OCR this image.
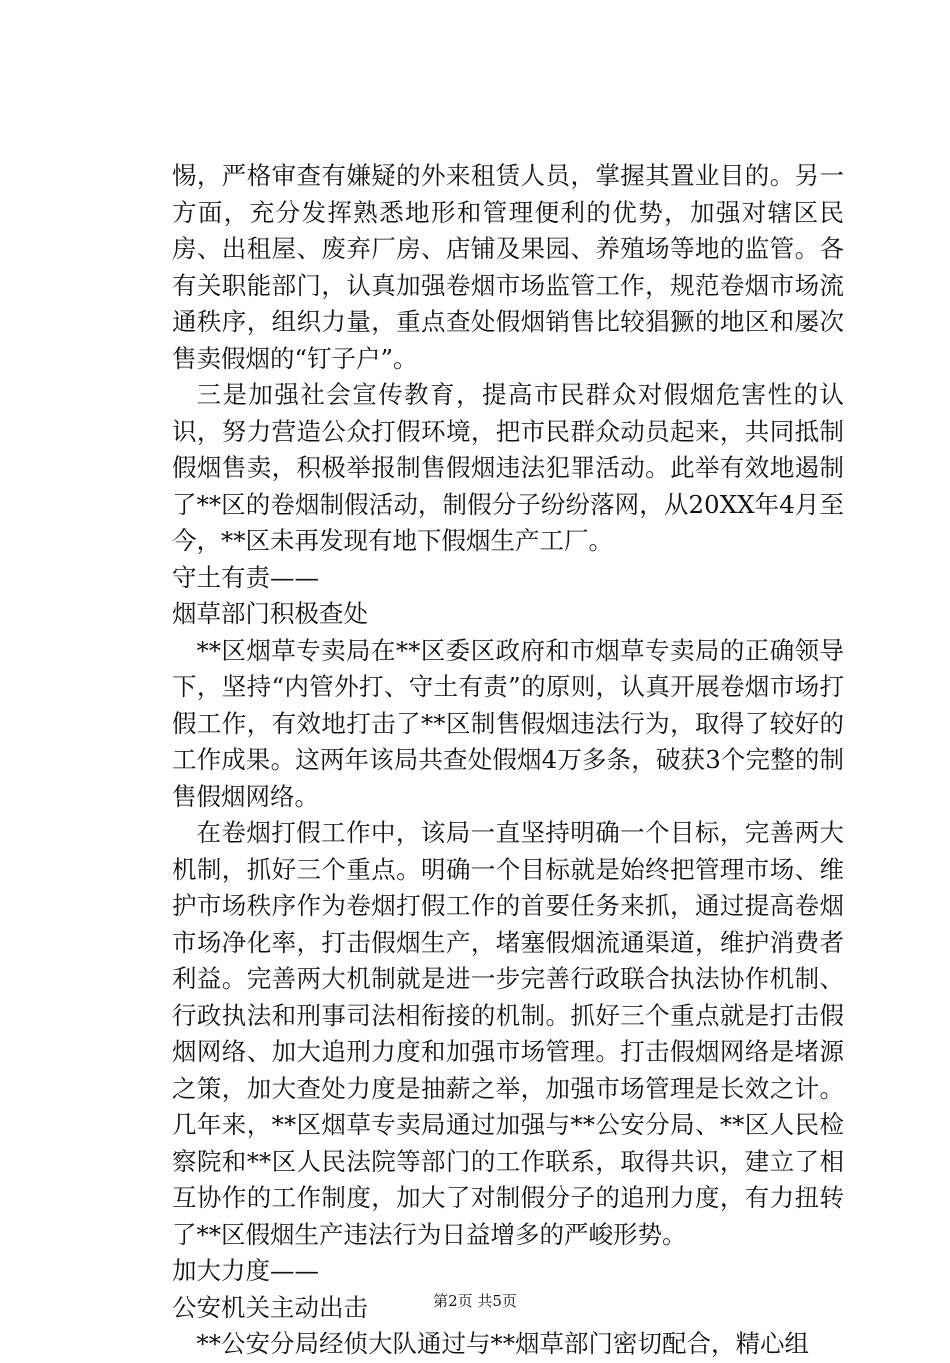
惕，严格审查有嫌疑的外来租赁人员，掌握其置业目的。另一方面，充分发挥熟悉地形和管理便利的优势，加强对辖区民房、出租屋、废弃厂房、店铺及果园、养殖场等地的监管。各有关职能部门，认真加强卷烟市场监管工作，规范卷烟市场流通秩序，组织力量，重点查处假烟销售比较猖獗的地区和屡次售卖假烟的“钉子户”。

三是加强社会宣传教育，提高市民群众对假烟危害性的认识，努力营造公众打假环境，把市民群众动员起来，共同抵制假烟售卖，积极举报制售假烟违法犯罪活动。此举有效地遏制了**区的卷烟制假活动，制假分子纷纷落网，从20XX年4月至今，**区未再发现有地下假烟生产工厂。

守土有责——

烟草部门积极查处

**区烟草专卖局在**区委区政府和市烟草专卖局的正确领导下，坚持“内管外打、守土有责”的原则，认真开展卷烟市场打假工作，有效地打击了**区制售假烟违法行为，取得了较好的工作成果。这两年该局共查处假烟4万多条，破获3个完整的制售假烟网络。

在卷烟打假工作中，该局一直坚持明确一个目标，完善两大机制，抓好三个重点。明确一个目标就是始终把管理市场、维护市场秩序作为卷烟打假工作的首要任务来抓，通过提高卷烟市场净化率，打击假烟生产，堵塞假烟流通渠道，维护消费者利益。完善两大机制就是进一步完善行政联合执法协作机制、行政执法和刑事司法相衔接的机制。抓好三个重点就是打击假烟网络、加大追刑力度和加强市场管理。打击假烟网络是堵源之策，加大查处力度是抽薪之举，加强市场管理是长效之计。几年来，**区烟草专卖局通过加强与**公安分局、**区人民检察院和**区人民法院等部门的工作联系，取得共识，建立了相互协作的工作制度，加大了对制假分子的追刑力度，有力扭转了**区假烟生产违法行为日益增多的严峻形势。

加大力度——

公安机关主动出击

**公安分局经侦大队通过与**烟草部门密切配合，精心组

第2页 共5页
